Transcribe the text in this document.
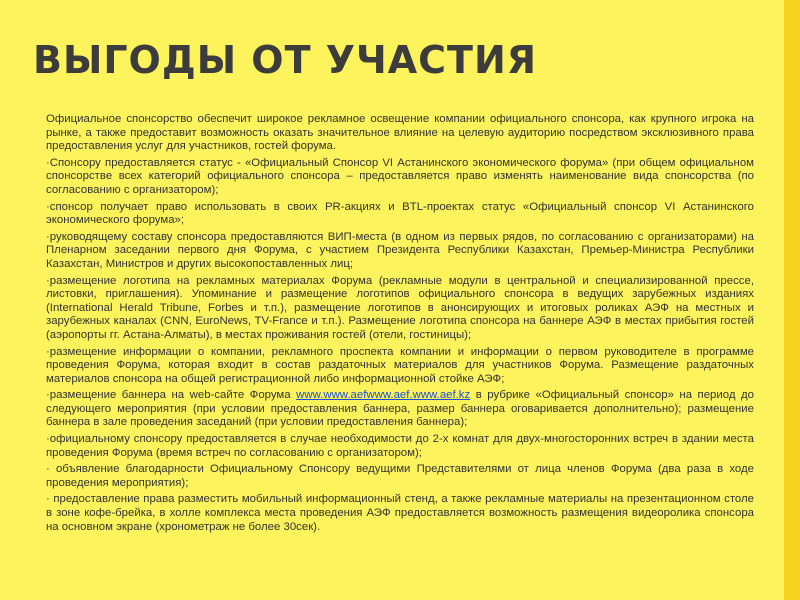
ВЫГОДЫ ОТ УЧАСТИЯ

Официальное спонсорство обеспечит широкое рекламное освещение компании официального спонсора, как крупного игрока на рынке, а также предоставит возможность оказать значительное влияние на целевую аудиторию посредством эксклюзивного права предоставления услуг для участников, гостей форума.

·Спонсору предоставляется статус - «Официальный Спонсор VI Астанинского экономического форума» (при общем официальном спонсорстве всех категорий официального спонсора – предоставляется право изменять наименование вида спонсорства (по согласованию с организатором);

·спонсор получает право использовать в своих PR-акциях и BTL-проектах статус «Официальный спонсор VI Астанинского экономического форума»;

·руководящему составу спонсора предоставляются ВИП-места (в одном из первых рядов, по согласованию с организаторами) на Пленарном заседании первого дня Форума, с участием Президента Республики Казахстан, Премьер-Министра Республики Казахстан, Министров и других высокопоставленных лиц;

·размещение логотипа на рекламных материалах Форума (рекламные модули в центральной и специализированной прессе, листовки, приглашения). Упоминание и размещение логотипов официального спонсора в ведущих зарубежных изданиях (International Herald Tribune, Forbes и т.п.), размещение логотипов в анонсирующих и итоговых роликах АЭФ на местных и зарубежных каналах (CNN, EuroNews, TV-France и т.п.). Размещение логотипа спонсора на баннере АЭФ в местах прибытия гостей (аэропорты гг. Астана-Алматы), в местах проживания гостей (отели, гостиницы);

·размещение информации о компании, рекламного проспекта компании и информации о первом руководителе в программе проведения Форума, которая входит в состав раздаточных материалов для участников Форума. Размещение раздаточных материалов спонсора на общей регистрационной либо информационной стойке АЭФ;

·размещение баннера на web-сайте Форума www.www.aefwww.aef.www.aef.kz в рубрике «Официальный спонсор» на период до следующего мероприятия (при условии предоставления баннера, размер баннера оговаривается дополнительно); размещение баннера в зале проведения заседаний (при условии предоставления баннера);

·официальному спонсору предоставляется в случае необходимости до 2-х комнат для двух-многосторонних встреч в здании места проведения Форума (время встреч по согласованию с организатором);

· объявление благодарности Официальному Спонсору ведущими Представителями от лица членов Форума (два раза в ходе проведения мероприятия);

· предоставление права разместить мобильный информационный стенд, а также рекламные материалы на презентационном столе в зоне кофе-брейка, в холле комплекса места проведения АЭФ предоставляется возможность размещения видеоролика спонсора на основном экране (хронометраж не более 30сек).
